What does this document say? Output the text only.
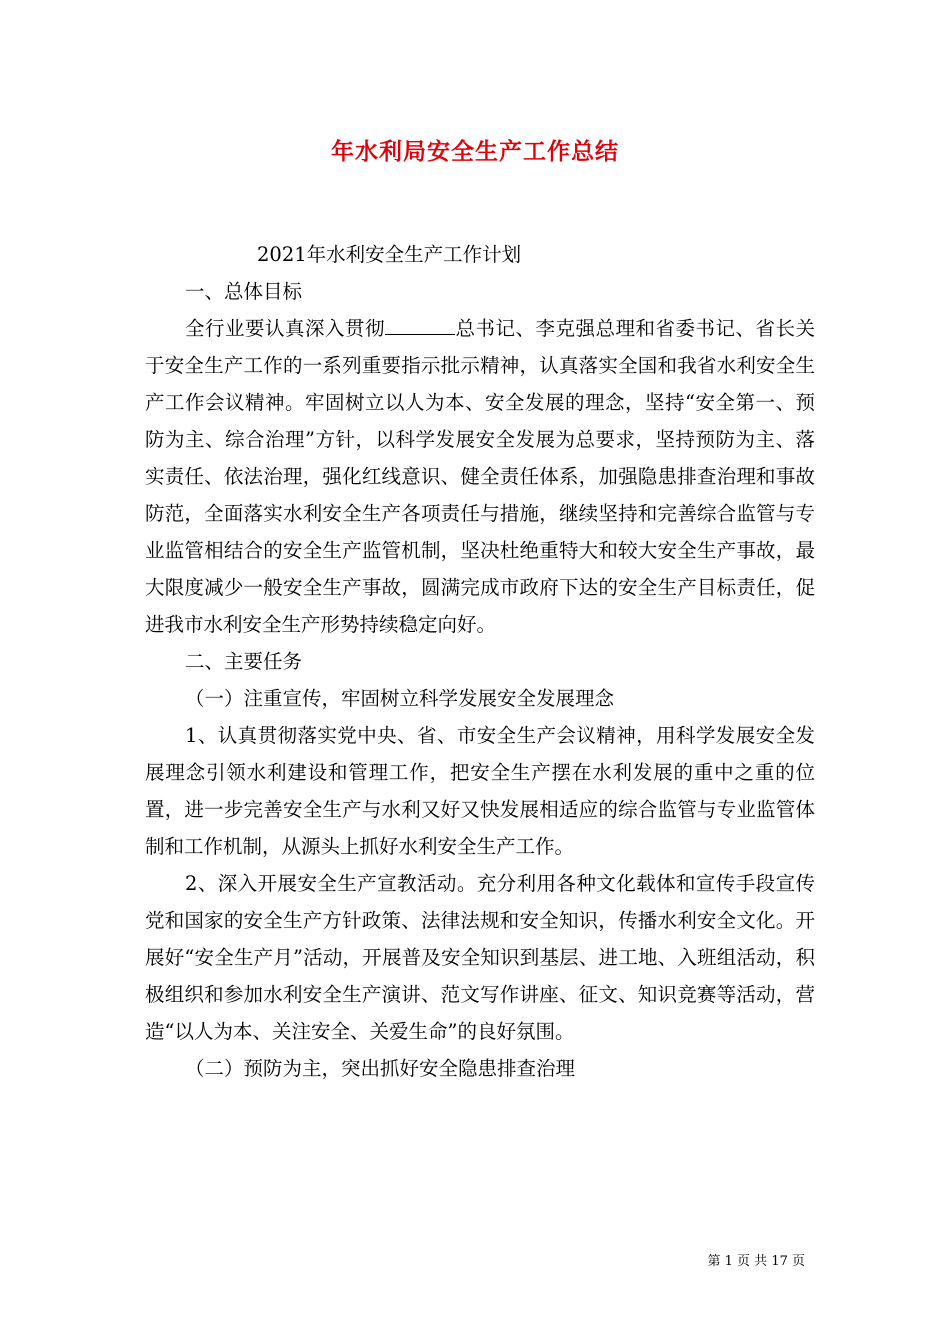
年水利局安全生产工作总结

2021年水利安全生产工作计划

一、总体目标

全行业要认真深入贯彻	总书记、李克强总理和省委书记、省长关于安全生产工作的一系列重要指示批示精神，认真落实全国和我省水利安全生产工作会议精神。牢固树立以人为本、安全发展的理念，坚持“安全第一、预防为主、综合治理”方针，以科学发展安全发展为总要求，坚持预防为主、落实责任、依法治理，强化红线意识、健全责任体系，加强隐患排查治理和事故防范，全面落实水利安全生产各项责任与措施，继续坚持和完善综合监管与专业监管相结合的安全生产监管机制，坚决杜绝重特大和较大安全生产事故，最大限度减少一般安全生产事故，圆满完成市政府下达的安全生产目标责任，促进我市水利安全生产形势持续稳定向好。

二、主要任务

（一）注重宣传，牢固树立科学发展安全发展理念

1、认真贯彻落实党中央、省、市安全生产会议精神，用科学发展安全发展理念引领水利建设和管理工作，把安全生产摆在水利发展的重中之重的位置，进一步完善安全生产与水利又好又快发展相适应的综合监管与专业监管体制和工作机制，从源头上抓好水利安全生产工作。

2、深入开展安全生产宣教活动。充分利用各种文化载体和宣传手段宣传党和国家的安全生产方针政策、法律法规和安全知识，传播水利安全文化。开展好“安全生产月”活动，开展普及安全知识到基层、进工地、入班组活动，积极组织和参加水利安全生产演讲、范文写作讲座、征文、知识竞赛等活动，营造“以人为本、关注安全、关爱生命”的良好氛围。

（二）预防为主，突出抓好安全隐患排查治理

第 1 页 共 17 页
